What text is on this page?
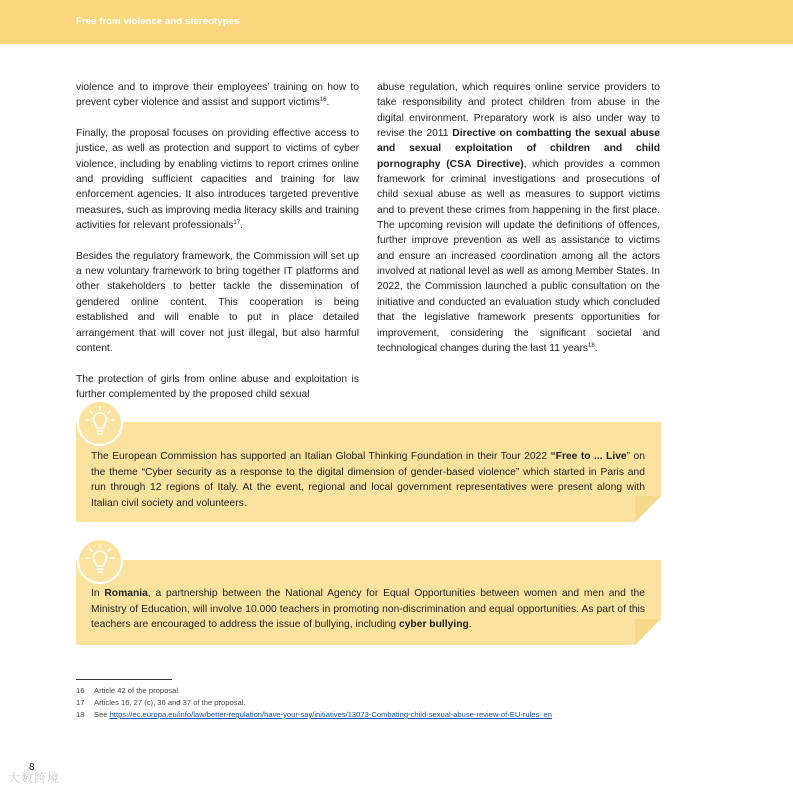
Free from violence and stereotypes

violence and to improve their employees’ training on how to prevent cyber violence and assist and support victims$^{16}$.

Finally, the proposal focuses on providing effective access to justice, as well as protection and support to victims of cyber violence, including by enabling victims to report crimes online and providing sufficient capacities and training for law enforcement agencies. It also introduces targeted preventive measures, such as improving media literacy skills and training activities for relevant professionals$^{17}$.

Besides the regulatory framework, the Commission will set up a new voluntary framework to bring together IT platforms and other stakeholders to better tackle the dissemination of gendered online content. This cooperation is being established and will enable to put in place detailed arrangement that will cover not just illegal, but also harmful content.

The protection of girls from online abuse and exploitation is further complemented by the proposed child sexual

abuse regulation, which requires online service providers to take responsibility and protect children from abuse in the digital environment. Preparatory work is also under way to revise the 2011 Directive on combatting the sexual abuse and sexual exploitation of children and child pornography (CSA Directive), which provides a common framework for criminal investigations and prosecutions of child sexual abuse as well as measures to support victims and to prevent these crimes from happening in the first place. The upcoming revision will update the definitions of offences, further improve prevention as well as assistance to victims and ensure an increased coordination among all the actors involved at national level as well as among Member States. In 2022, the Commission launched a public consultation on the initiative and conducted an evaluation study which concluded that the legislative framework presents opportunities for improvement, considering the significant societal and technological changes during the last 11 years$^{18}$.

The European Commission has supported an Italian Global Thinking Foundation in their Tour 2022 “Free to ... Live” on the theme “Cyber security as a response to the digital dimension of gender-based violence” which started in Paris and run through 12 regions of Italy. At the event, regional and local government representatives were present along with Italian civil society and volunteers.
In Romania, a partnership between the National Agency for Equal Opportunities between women and men and the Ministry of Education, will involve 10.000 teachers in promoting non-discrimination and equal opportunities. As part of this teachers are encouraged to address the issue of bullying, including cyber bullying.
16 Article 42 of the proposal.
17 Articles 16, 27 (c), 36 and 37 of the proposal.
18 See https://ec.europa.eu/info/law/better-regulation/have-your-say/initiatives/13073-Combating-child-sexual-abuse-review-of-EU-rules_en
8
大数跨境
